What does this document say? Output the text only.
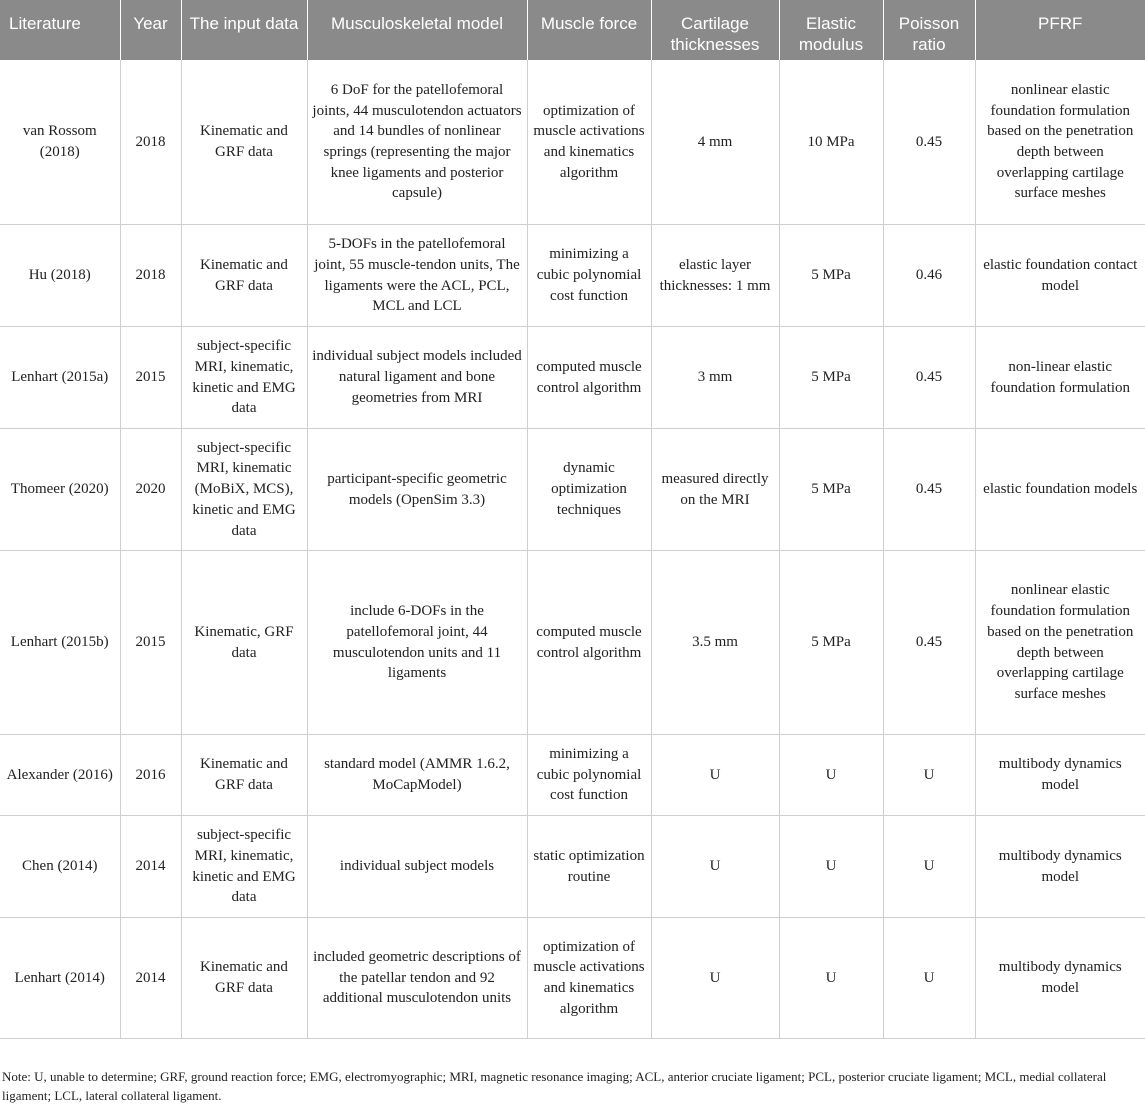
Literature	Year	The input data	Musculoskeletal model	Muscle force	Cartilage thicknesses	Elastic modulus	Poisson ratio	PFRF
van Rossom (2018)	2018	Kinematic and GRF data	6 DoF for the patellofemoral joints, 44 musculotendon actuators and 14 bundles of nonlinear springs (representing the major knee ligaments and posterior capsule)	optimization of muscle activations and kinematics algorithm	4 mm	10 MPa	0.45	nonlinear elastic foundation formulation based on the penetration depth between overlapping cartilage surface meshes
Hu (2018)	2018	Kinematic and GRF data	5-DOFs in the patellofemoral joint, 55 muscle-tendon units, The ligaments were the ACL, PCL, MCL and LCL	minimizing a cubic polynomial cost function	elastic layer thicknesses: 1 mm	5 MPa	0.46	elastic foundation contact model
Lenhart (2015a)	2015	subject-specific MRI, kinematic, kinetic and EMG data	individual subject models included natural ligament and bone geometries from MRI	computed muscle control algorithm	3 mm	5 MPa	0.45	non-linear elastic foundation formulation
Thomeer (2020)	2020	subject-specific MRI, kinematic (MoBiX, MCS), kinetic and EMG data	participant-specific geometric models (OpenSim 3.3)	dynamic optimization techniques	measured directly on the MRI	5 MPa	0.45	elastic foundation models
Lenhart (2015b)	2015	Kinematic, GRF data	include 6-DOFs in the patellofemoral joint, 44 musculotendon units and 11 ligaments	computed muscle control algorithm	3.5 mm	5 MPa	0.45	nonlinear elastic foundation formulation based on the penetration depth between overlapping cartilage surface meshes
Alexander (2016)	2016	Kinematic and GRF data	standard model (AMMR 1.6.2, MoCapModel)	minimizing a cubic polynomial cost function	U	U	U	multibody dynamics model
Chen (2014)	2014	subject-specific MRI, kinematic, kinetic and EMG data	individual subject models	static optimization routine	U	U	U	multibody dynamics model
Lenhart (2014)	2014	Kinematic and GRF data	included geometric descriptions of the patellar tendon and 92 additional musculotendon units	optimization of muscle activations and kinematics algorithm	U	U	U	multibody dynamics model
Note: U, unable to determine; GRF, ground reaction force; EMG, electromyographic; MRI, magnetic resonance imaging; ACL, anterior cruciate ligament; PCL, posterior cruciate ligament; MCL, medial collateral ligament; LCL, lateral collateral ligament.
